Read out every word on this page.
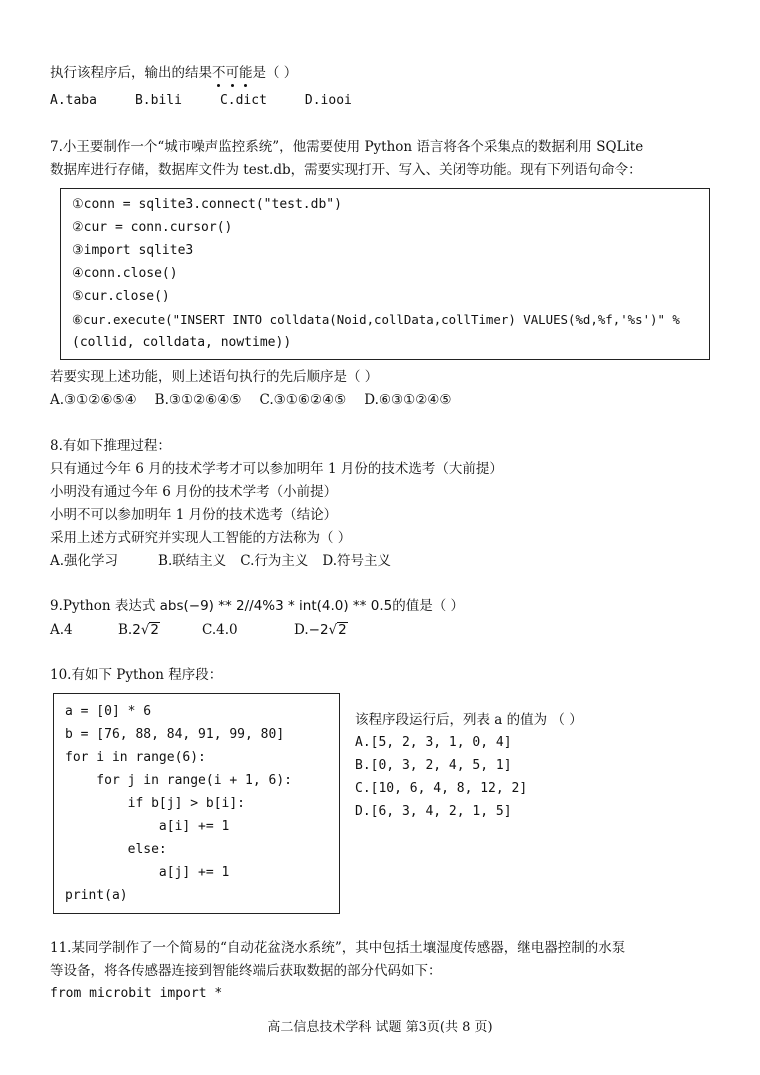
执行该程序后，输出的结果不
可
能
是（ ）
A.taba	B.bili	C.dict	D.iooi
7.小王要制作一个“城市噪声监控系统”，他需要使用 Python 语言将各个采集点的数据利用 SQLite
数据库进行存储，数据库文件为 test.db，需要实现打开、写入、关闭等功能。现有下列语句命令：
①conn = sqlite3.connect("test.db")
②cur = conn.cursor()
③import sqlite3
④conn.close()
⑤cur.close()
⑥cur.execute("INSERT INTO colldata(Noid,collData,collTimer) VALUES(%d,%f,'%s')" %
(collid, colldata, nowtime))
若要实现上述功能，则上述语句执行的先后顺序是（ ）
A.③①②⑥⑤④ B.③①②⑥④⑤ C.③①⑥②④⑤ D.⑥③①②④⑤
8.有如下推理过程：
只有通过今年 6 月的技术学考才可以参加明年 1 月份的技术选考（大前提）
小明没有通过今年 6 月份的技术学考（小前提）
小明不可以参加明年 1 月份的技术选考（结论）
采用上述方式研究并实现人工智能的方法称为（ ）
A.强化学习	B.联结主义 C.行为主义 D.符号主义
9.Python 表达式 abs(−9) ** 2//4%3 * int(4.0) ** 0.5的值是（ ）
A.4	B.2√2	C.4.0	D.−2√2
10.有如下 Python 程序段：
a = [0] * 6
b = [76, 88, 84, 91, 99, 80]
for i in range(6):
for j in range(i + 1, 6):
if b[j] > b[i]:
a[i] += 1
else:
a[j] += 1
print(a)
该程序段运行后，列表 a 的值为 （ ）
A.[5, 2, 3, 1, 0, 4]
B.[0, 3, 2, 4, 5, 1]
C.[10, 6, 4, 8, 12, 2]
D.[6, 3, 4, 2, 1, 5]
11.某同学制作了一个简易的“自动花盆浇水系统”，其中包括土壤湿度传感器，继电器控制的水泵
等设备，将各传感器连接到智能终端后获取数据的部分代码如下：
from microbit import *
高二信息技术学科 试题 第3页(共 8 页)
